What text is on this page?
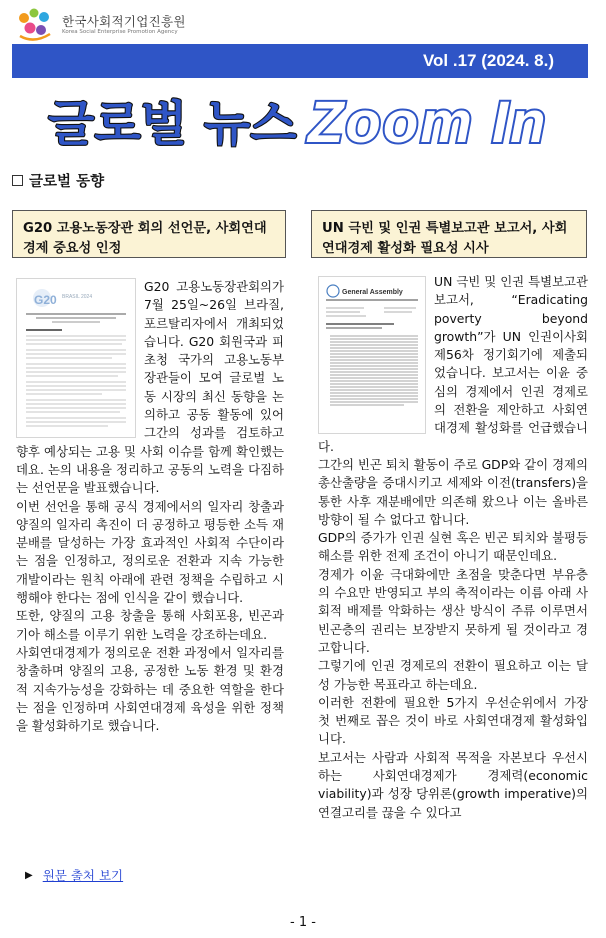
한국사회적기업진흥원
Korea Social Enterprise Promotion Agency
Vol .17 (2024. 8.)
글로벌 뉴스 Zoom In
글로벌 동향
G20 고용노동장관 회의 선언문, 사회연대경제 중요성 인정
UN 극빈 및 인권 특별보고관 보고서, 사회연대경제 활성화 필요성 시사
G20 BRASIL 2024

G20 고용노동장관회의가 7월 25일~26일 브라질, 포르탈리자에서 개최되었습니다. G20 회원국과 피 초청 국가의 고용노동부 장관들이 모여 글로벌 노동 시장의 최신 동향을 논의하고 공동 활동에 있어 그간의 성과를 검토하고 향후 예상되는 고용 및 사회 이슈를 함께 확인했는데요. 논의 내용을 정리하고 공동의 노력을 다짐하는 선언문을 발표했습니다.

이번 선언을 통해 공식 경제에서의 일자리 창출과 양질의 일자리 촉진이 더 공정하고 평등한 소득 재분배를 달성하는 가장 효과적인 사회적 수단이라는 점을 인정하고, 정의로운 전환과 지속 가능한 개발이라는 원칙 아래에 관련 정책을 수립하고 시행해야 한다는 점에 인식을 같이 했습니다.

또한, 양질의 고용 창출을 통해 사회포용, 빈곤과 기아 해소를 이루기 위한 노력을 강조하는데요.

사회연대경제가 정의로운 전환 과정에서 일자리를 창출하며 양질의 고용, 공정한 노동 환경 및 환경적 지속가능성을 강화하는 데 중요한 역할을 한다는 점을 인정하며 사회연대경제 육성을 위한 정책을 활성화하기로 했습니다.

▶ 원문 출처 보기
General Assembly

UN 극빈 및 인권 특별보고관 보고서, “Eradicating poverty beyond growth”가 UN 인권이사회 제56차 정기회기에 제출되었습니다. 보고서는 이윤 중심의 경제에서 인권 경제로의 전환을 제안하고 사회연대경제 활성화를 언급했습니다.

그간의 빈곤 퇴치 활동이 주로 GDP와 같이 경제의 총산출량을 증대시키고 세제와 이전(transfers)을 통한 사후 재분배에만 의존해 왔으나 이는 올바른 방향이 될 수 없다고 합니다.

GDP의 증가가 인권 실현 혹은 빈곤 퇴치와 불평등 해소를 위한 전제 조건이 아니기 때문인데요.

경제가 이윤 극대화에만 초점을 맞춘다면 부유층의 수요만 반영되고 부의 축적이라는 이름 아래 사회적 배제를 악화하는 생산 방식이 주류 이루면서 빈곤층의 권리는 보장받지 못하게 될 것이라고 경고합니다.

그렇기에 인권 경제로의 전환이 필요하고 이는 달성 가능한 목표라고 하는데요.

이러한 전환에 필요한 5가지 우선순위에서 가장 첫 번째로 꼽은 것이 바로 사회연대경제 활성화입니다.

보고서는 사람과 사회적 목적을 자본보다 우선시하는 사회연대경제가 경제력(economic viability)과 성장 당위론(growth imperative)의 연결고리를 끊을 수 있다고

- 1 -
